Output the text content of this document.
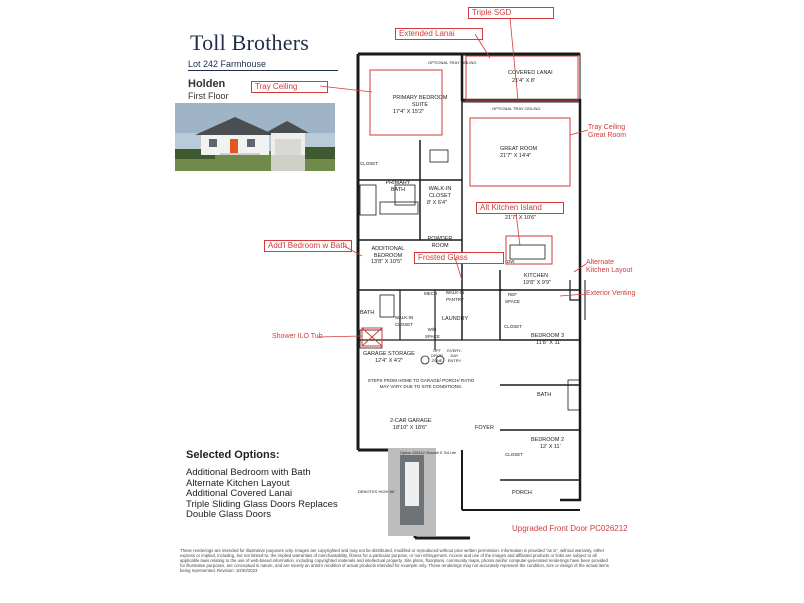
Toll Brothers
Lot 242 Farmhouse
Holden
First Floor
OPTIONAL TRAY CEILING
COVERED LANAI
21'4" X 8'
OPTIONAL TRAY CEILING
PRIMARY BEDROOM SUITE
17'4" X 15'2"
GREAT ROOM
21'7" X 14'4"
CLOSET
PRIMARY BATH	WALK-IN CLOSET
8' X 6'4"
POWDER ROOM
21'7" X 10'6"
ADDITIONAL BEDROOM
13'8" X 10'5"	DW
KITCHEN
19'8" X 9'9"
MECH	WALK-IN PANTRY
REF SPACE
BATH
WALK-IN CLOSET
LAUNDRY
W/D SPACE
CLOSET
BEDROOM 3
11'8" X 11'
GARAGE STORAGE
12'4" X 4'2"
OPT DROP ZONE
EVERY-DAY ENTRY
STEPS FROM HOME TO GARAGE/ PORCH/ RATIO MAY VARY DUE TO SITE CONDITIONS.
BATH
2-CAR GARAGE
18'10" X 18'6"	FOYER
BEDROOM 2
12' X 11'
CLOSET
PORCH
Option 026212 Smooth E 3/4 Lite
DENOTES HIGH WI
Triple SGD
Extended Lanai
Tray Ceiling
Tray Ceiling Great Room
Alt Kitchen Island
Add'l Bedroom w Bath
Frosted Glass
Alternate Kitchen Layout
Exterior Venting
Shower ILO Tub
Upgraded Front Door PC026212
Selected Options:
Additional Bedroom with Bath
Alternate Kitchen Layout
Additional Covered Lanai
Triple Sliding Glass Doors Replaces
Double Glass Doors
These renderings are intended for illustrative purposes only. Images are copyrighted and may not be distributed, modified or reproduced without prior written permission. Information is provided "as is", without warranty, either express or implied, including, but not limited to, the implied warranties of merchantability, fitness for a particular purpose, or non-infringement. Access and use of the images and affiliated products or links are subject to all applicable laws relating to the use of web-based information, including copyrighted materials and intellectual property. Site plans, floorplans, community maps, photos and/or computer-generated renderings have been provided for illustrative purposes, are conceptual in nature, and are merely an artist's rendition of actual products intended for example only. These renderings may not accurately represent the condition, size or design of the actual items being represented. Revision: 10/30/2023
